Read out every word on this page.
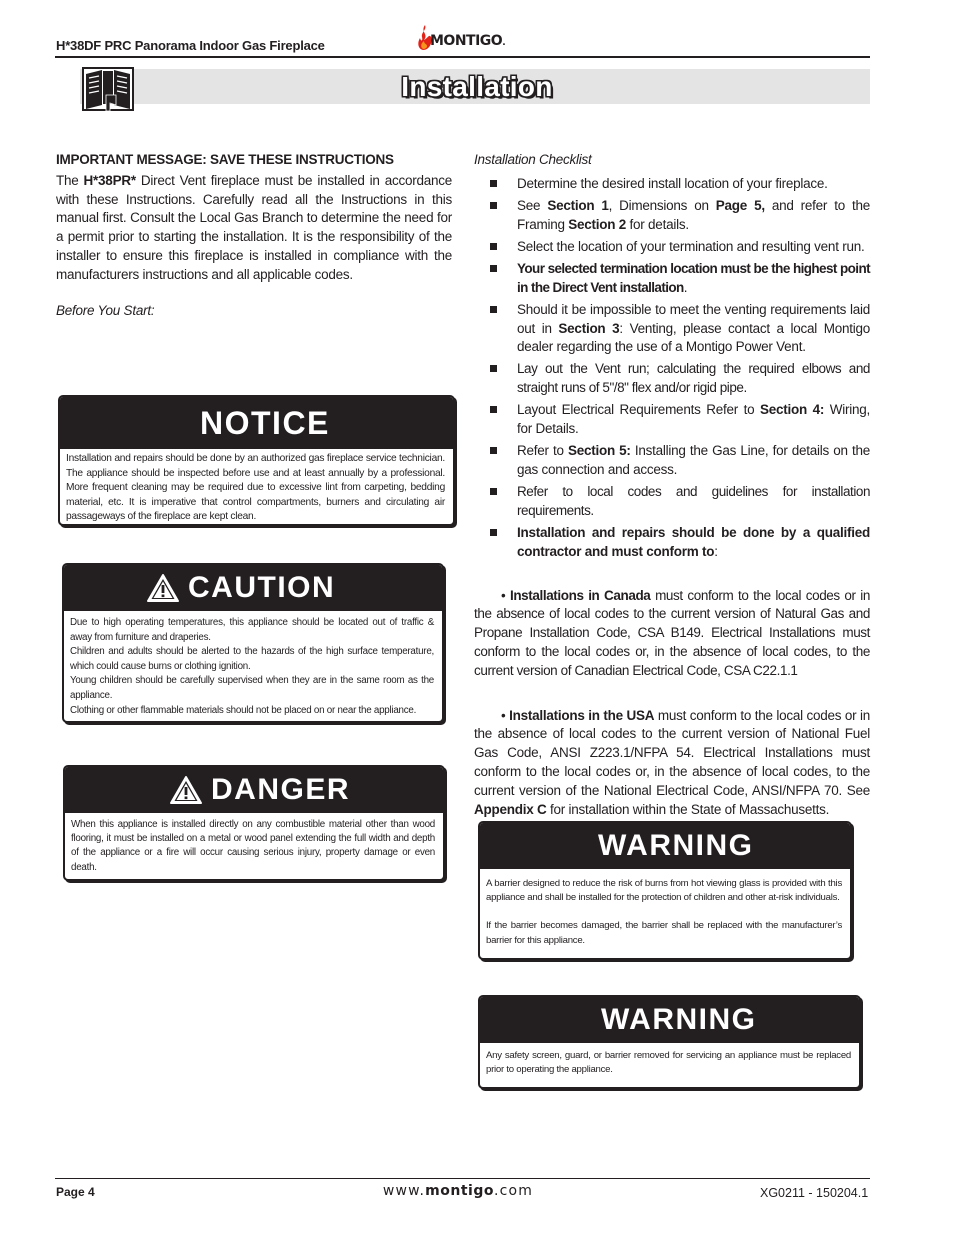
H*38DF PRC Panorama Indoor Gas Fireplace	MONTIGO.
Installation

IMPORTANT MESSAGE: SAVE THESE INSTRUCTIONS

The H*38PR* Direct Vent fireplace must be installed in accordance with these Instructions. Carefully read all the Instructions in this manual first. Consult the Local Gas Branch to determine the need for a permit prior to starting the installation. It is the responsibility of the installer to ensure this fireplace is installed in compliance with the manufacturers instructions and all applicable codes.

Before You Start:

NOTICE

Installation and repairs should be done by an authorized gas fireplace service technician. The appliance should be inspected before use and at least annually by a professional. More frequent cleaning may be required due to excessive lint from carpeting, bedding material, etc. It is imperative that control compartments, burners and circulating air passageways of the fireplace are kept clean.

CAUTION

Due to high operating temperatures, this appliance should be located out of traffic & away from furniture and draperies.

Children and adults should be alerted to the hazards of the high surface temperature, which could cause burns or clothing ignition.

Young children should be carefully supervised when they are in the same room as the appliance.

Clothing or other flammable materials should not be placed on or near the appliance.

DANGER

When this appliance is installed directly on any combustible material other than wood flooring, it must be installed on a metal or wood panel extending the full width and depth of the appliance or a fire will occur causing serious injury, property damage or even death.

Installation Checklist

Determine the desired install location of your fireplace.
See Section 1, Dimensions on Page 5, and refer to the Framing Section 2 for details.
Select the location of your termination and resulting vent run.
Your selected termination location must be the highest point in the Direct Vent installation.
Should it be impossible to meet the venting requirements laid out in Section 3: Venting, please contact a local Montigo dealer regarding the use of a Montigo Power Vent.
Lay out the Vent run; calculating the required elbows and straight runs of 5"/8" flex and/or rigid pipe.
Layout Electrical Requirements Refer to Section 4: Wiring, for Details.
Refer to Section 5: Installing the Gas Line, for details on the gas connection and access.
Refer to local codes and guidelines for installation requirements.
Installation and repairs should be done by a qualified contractor and must conform to:

• Installations in Canada must conform to the local codes or in the absence of local codes to the current version of Natural Gas and Propane Installation Code, CSA B149. Electrical Installations must conform to the local codes or, in the absence of local codes, to the current version of Canadian Electrical Code, CSA C22.1.1

• Installations in the USA must conform to the local codes or in the absence of local codes to the current version of National Fuel Gas Code, ANSI Z223.1/NFPA 54. Electrical Installations must conform to the local codes or, in the absence of local codes, to the current version of the National Electrical Code, ANSI/NFPA 70. See Appendix C for installation within the State of Massachusetts.

WARNING

A barrier designed to reduce the risk of burns from hot viewing glass is provided with this appliance and shall be installed for the protection of children and other at-risk individuals.

If the barrier becomes damaged, the barrier shall be replaced with the manufacturer’s barrier for this appliance.

WARNING

Any safety screen, guard, or barrier removed for servicing an appliance must be replaced prior to operating the appliance.

Page 4	www.montigo.com	XG0211 - 150204.1
